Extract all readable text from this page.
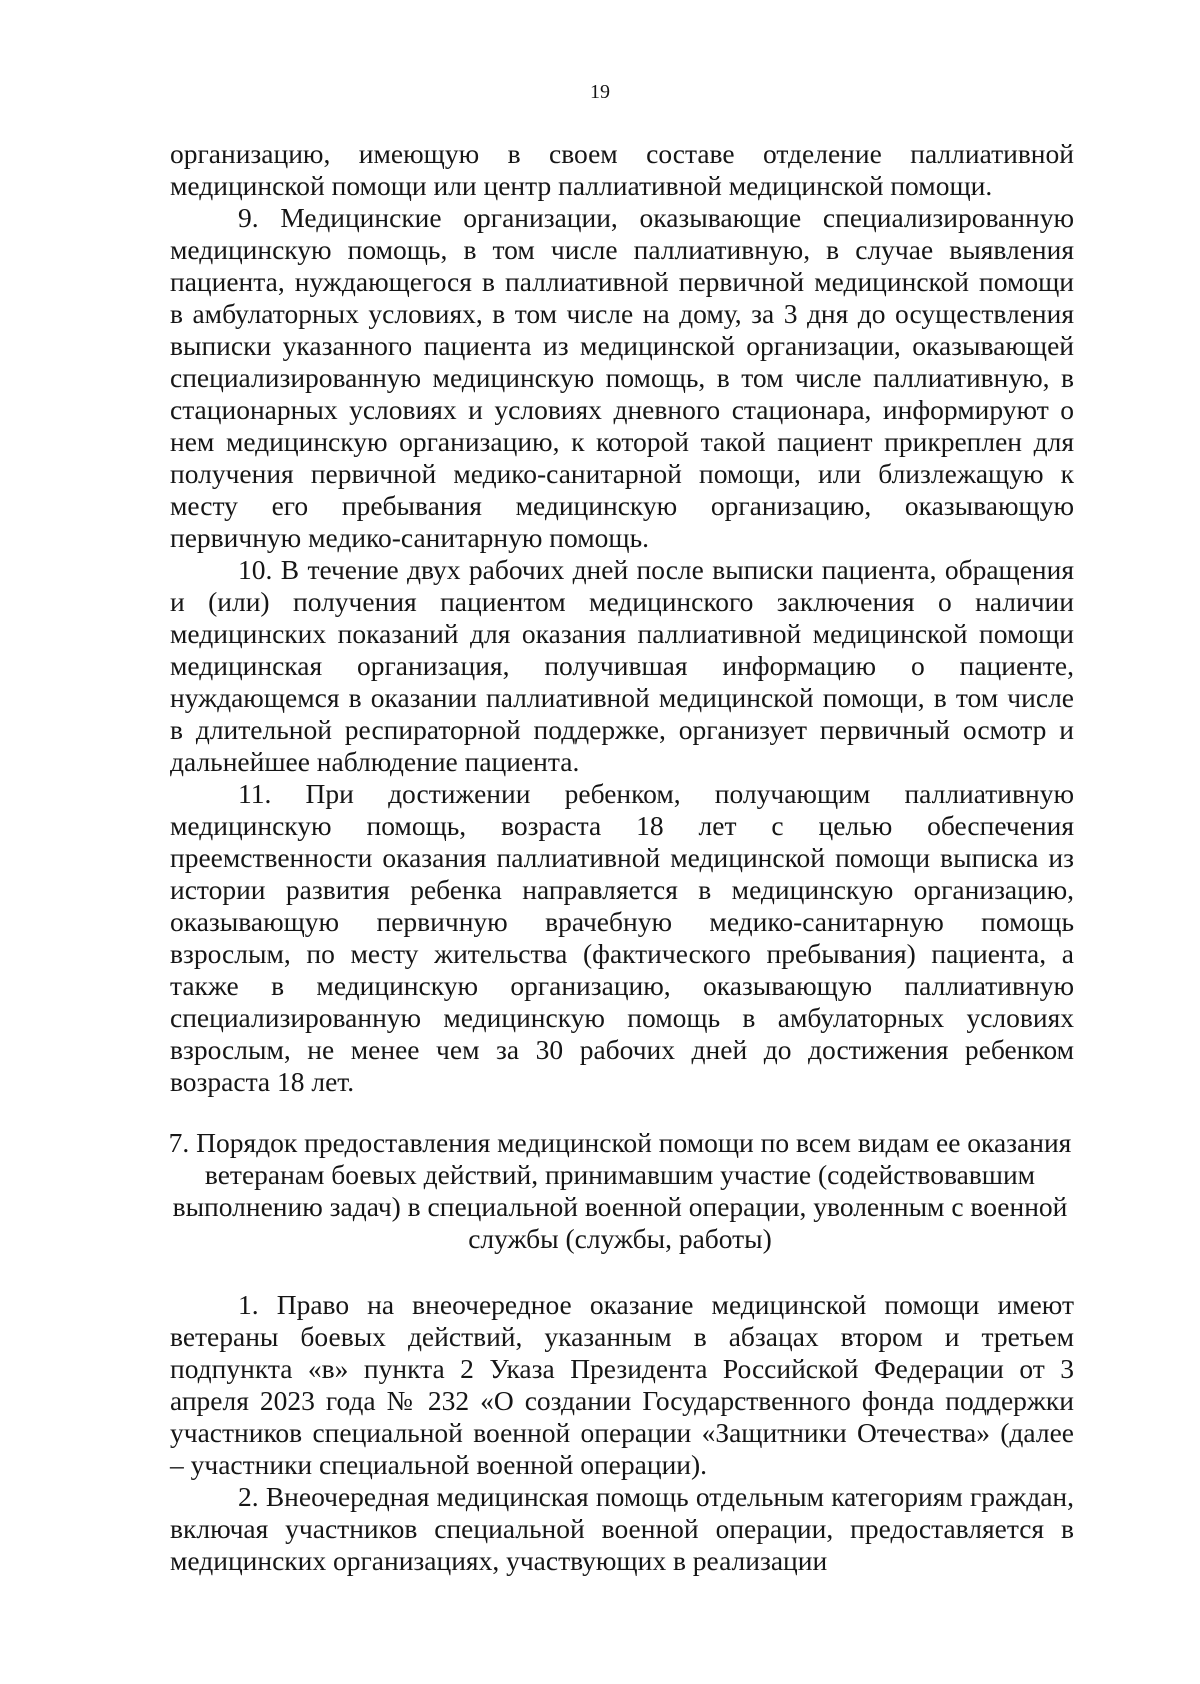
19

организацию, имеющую в своем составе отделение паллиативной медицинской помощи или центр паллиативной медицинской помощи.

9. Медицинские организации, оказывающие специализированную медицинскую помощь, в том числе паллиативную, в случае выявления пациента, нуждающегося в паллиативной первичной медицинской помощи в амбулаторных условиях, в том числе на дому, за 3 дня до осуществления выписки указанного пациента из медицинской организации, оказывающей специализированную медицинскую помощь, в том числе паллиативную, в стационарных условиях и условиях дневного стационара, информируют о нем медицинскую организацию, к которой такой пациент прикреплен для получения первичной медико-санитарной помощи, или близлежащую к месту его пребывания медицинскую организацию, оказывающую первичную медико-санитарную помощь.

10. В течение двух рабочих дней после выписки пациента, обращения и (или) получения пациентом медицинского заключения о наличии медицинских показаний для оказания паллиативной медицинской помощи медицинская организация, получившая информацию о пациенте, нуждающемся в оказании паллиативной медицинской помощи, в том числе в длительной респираторной поддержке, организует первичный осмотр и дальнейшее наблюдение пациента.

11. При достижении ребенком, получающим паллиативную медицинскую помощь, возраста 18 лет с целью обеспечения преемственности оказания паллиативной медицинской помощи выписка из истории развития ребенка направляется в медицинскую организацию, оказывающую первичную врачебную медико-санитарную помощь взрослым, по месту жительства (фактического пребывания) пациента, а также в медицинскую организацию, оказывающую паллиативную специализированную медицинскую помощь в амбулаторных условиях взрослым, не менее чем за 30 рабочих дней до достижения ребенком возраста 18 лет.

7. Порядок предоставления медицинской помощи по всем видам ее оказания ветеранам боевых действий, принимавшим участие (содействовавшим выполнению задач) в специальной военной операции, уволенным с военной службы (службы, работы)

1. Право на внеочередное оказание медицинской помощи имеют ветераны боевых действий, указанным в абзацах втором и третьем подпункта «в» пункта 2 Указа Президента Российской Федерации от 3 апреля 2023 года № 232 «О создании Государственного фонда поддержки участников специальной военной операции «Защитники Отечества» (далее – участники специальной военной операции).

2. Внеочередная медицинская помощь отдельным категориям граждан, включая участников специальной военной операции, предоставляется в медицинских организациях, участвующих в реализации
